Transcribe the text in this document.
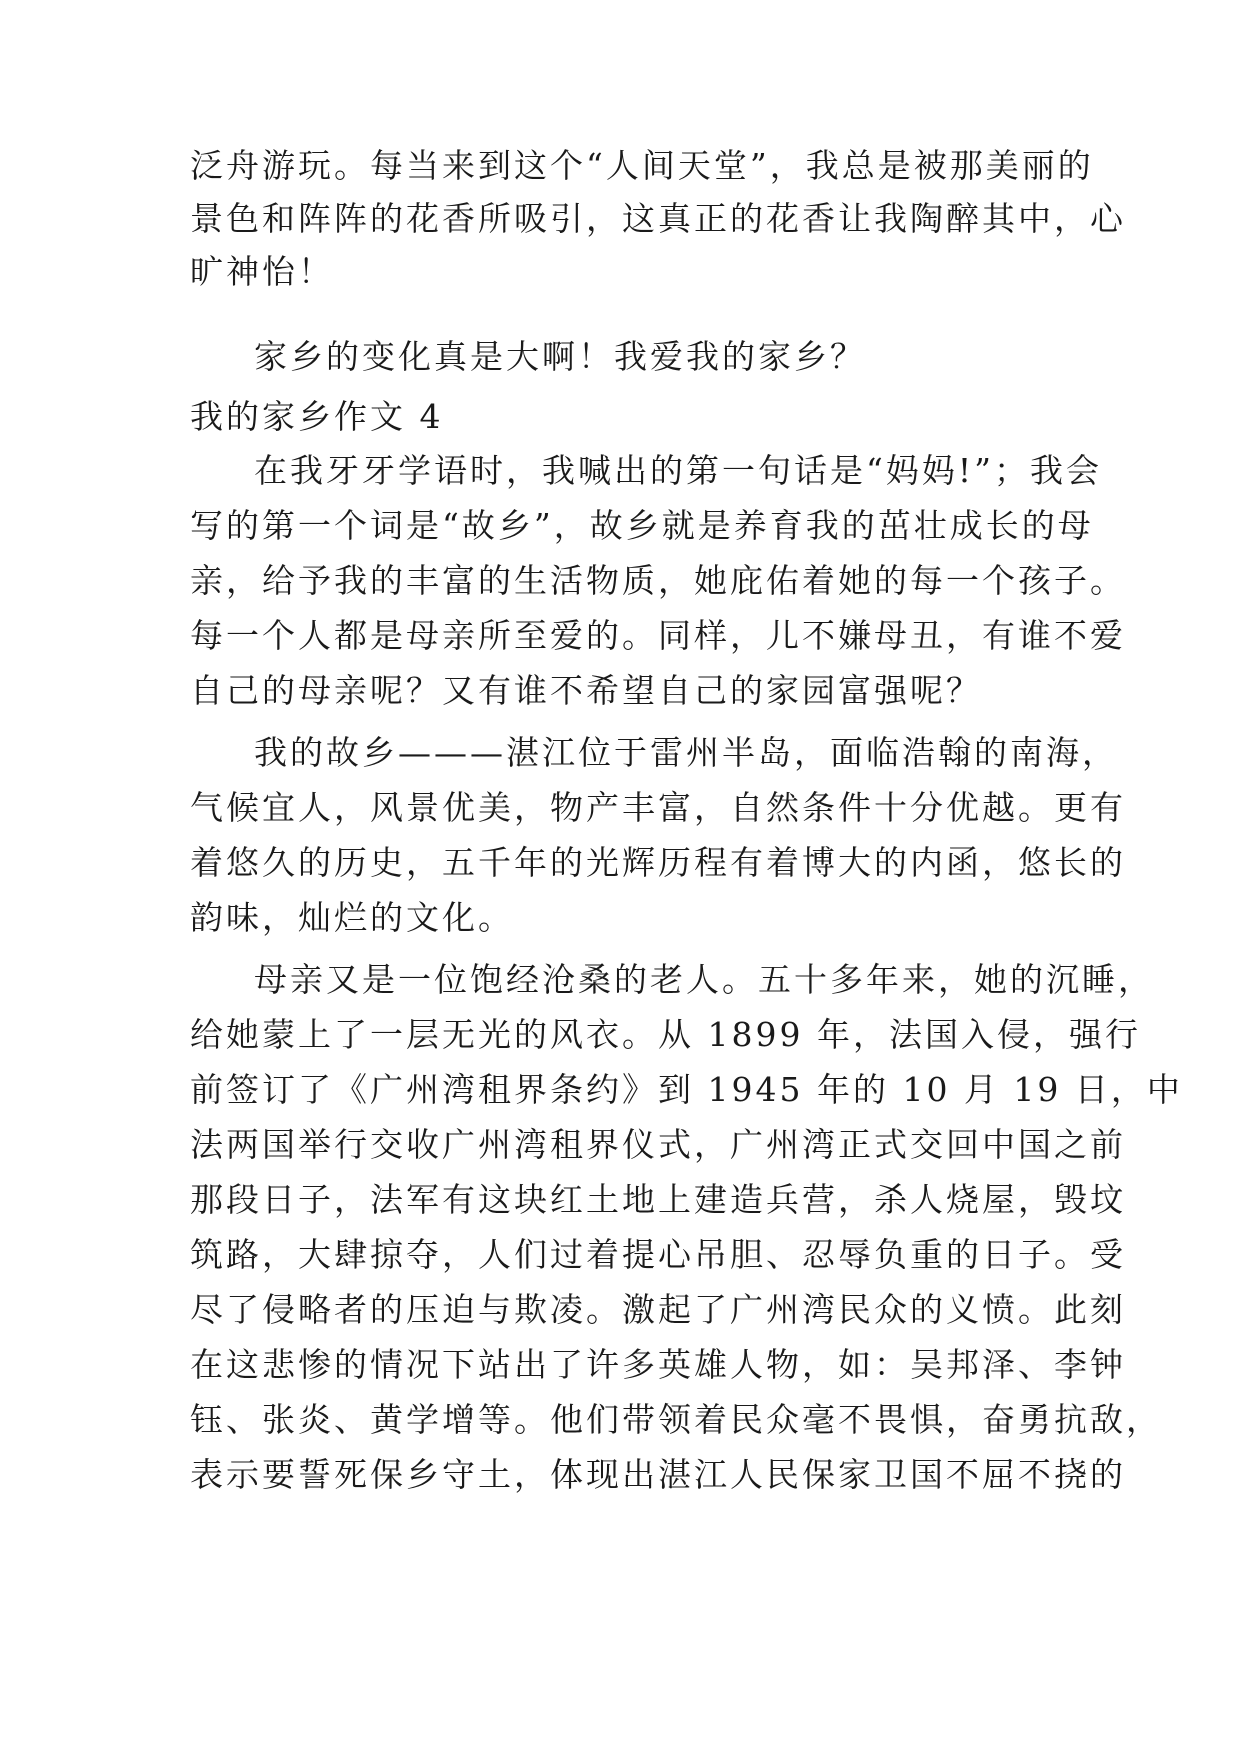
泛舟游玩。每当来到这个“人间天堂”，我总是被那美丽的
景色和阵阵的花香所吸引，这真正的花香让我陶醉其中，心
旷神怡！
家乡的变化真是大啊！我爱我的家乡？
我的家乡作文 4
在我牙牙学语时，我喊出的第一句话是“妈妈!”；我会
写的第一个词是“故乡”，故乡就是养育我的茁壮成长的母
亲，给予我的丰富的生活物质，她庇佑着她的每一个孩子。
每一个人都是母亲所至爱的。同样，儿不嫌母丑，有谁不爱
自己的母亲呢？又有谁不希望自己的家园富强呢？
我的故乡———湛江位于雷州半岛，面临浩翰的南海，
气候宜人，风景优美，物产丰富，自然条件十分优越。更有
着悠久的历史，五千年的光辉历程有着博大的内函，悠长的
韵味，灿烂的文化。
母亲又是一位饱经沧桑的老人。五十多年来，她的沉睡，
给她蒙上了一层无光的风衣。从 1899 年，法国入侵，强行
前签订了《广州湾租界条约》到 1945 年的 10 月 19 日，中
法两国举行交收广州湾租界仪式，广州湾正式交回中国之前
那段日子，法军有这块红土地上建造兵营，杀人烧屋，毁坟
筑路，大肆掠夺，人们过着提心吊胆、忍辱负重的日子。受
尽了侵略者的压迫与欺凌。激起了广州湾民众的义愤。此刻
在这悲惨的情况下站出了许多英雄人物，如：吴邦泽、李钟
钰、张炎、黄学增等。他们带领着民众毫不畏惧，奋勇抗敌，
表示要誓死保乡守土，体现出湛江人民保家卫国不屈不挠的
